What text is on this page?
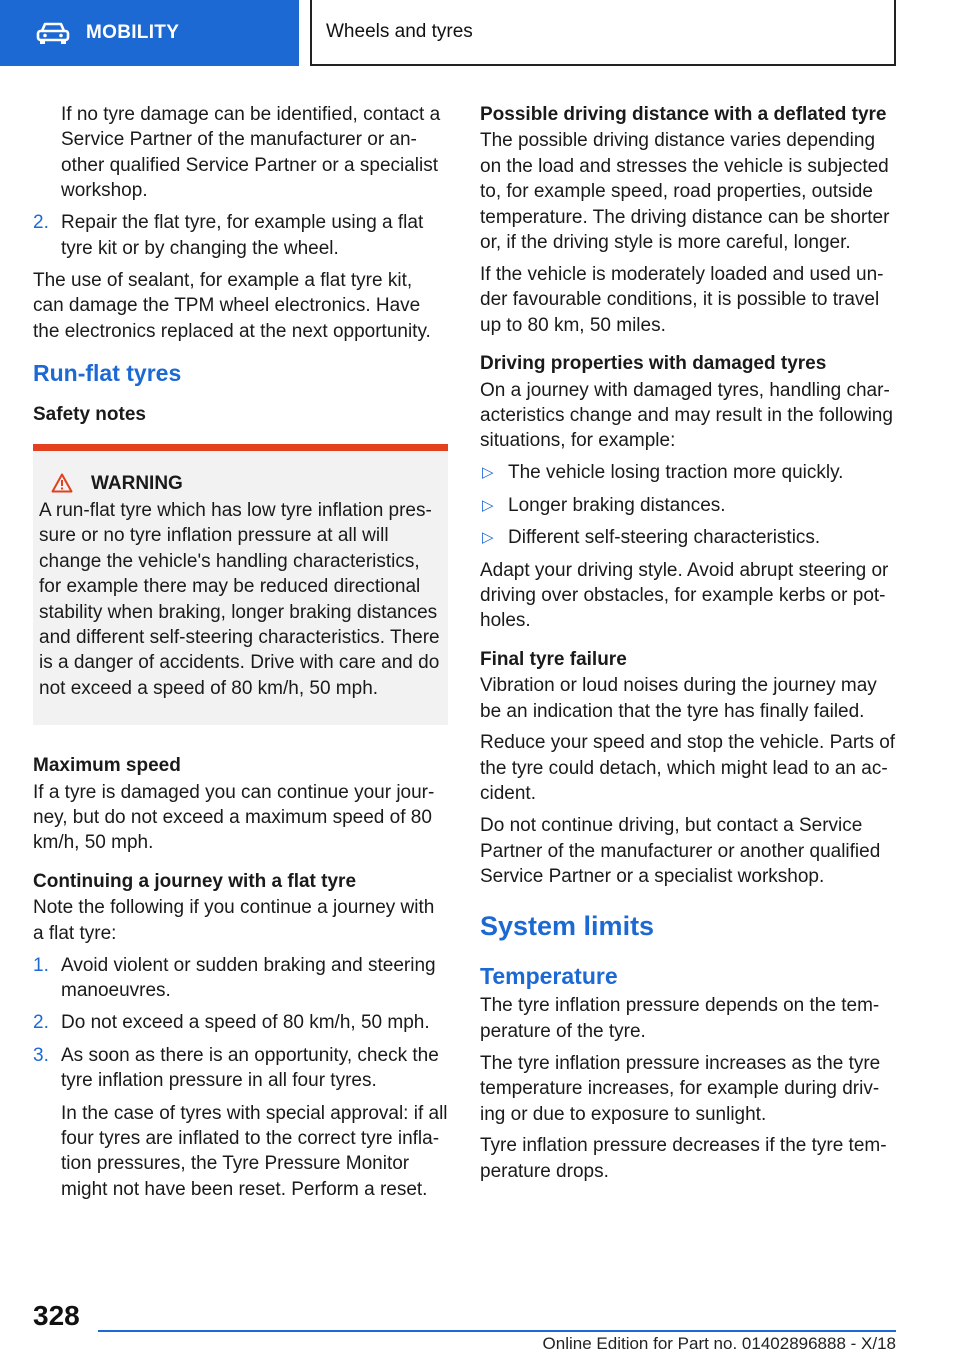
MOBILITY	Wheels and tyres

If no tyre damage can be identified, contact a Service Partner of the manufacturer or an-other qualified Service Partner or a specialist workshop.

2. Repair the flat tyre, for example using a flat tyre kit or by changing the wheel.

The use of sealant, for example a flat tyre kit, can damage the TPM wheel electronics. Have the electronics replaced at the next opportunity.

Run-flat tyres
Safety notes
WARNING

A run-flat tyre which has low tyre inflation pres-sure or no tyre inflation pressure at all will change the vehicle's handling characteristics, for example there may be reduced directional stability when braking, longer braking distances and different self-steering characteristics. There is a danger of accidents. Drive with care and do not exceed a speed of 80 km/h, 50 mph.

Maximum speed

If a tyre is damaged you can continue your jour-ney, but do not exceed a maximum speed of 80 km/h, 50 mph.

Continuing a journey with a flat tyre

Note the following if you continue a journey with a flat tyre:

1. Avoid violent or sudden braking and steering manoeuvres.
2. Do not exceed a speed of 80 km/h, 50 mph.
3. As soon as there is an opportunity, check the tyre inflation pressure in all four tyres.

In the case of tyres with special approval: if all four tyres are inflated to the correct tyre infla-tion pressures, the Tyre Pressure Monitor might not have been reset. Perform a reset.

Possible driving distance with a deflated tyre

The possible driving distance varies depending on the load and stresses the vehicle is subjected to, for example speed, road properties, outside temperature. The driving distance can be shorter or, if the driving style is more careful, longer.

If the vehicle is moderately loaded and used un-der favourable conditions, it is possible to travel up to 80 km, 50 miles.

Driving properties with damaged tyres

On a journey with damaged tyres, handling char-acteristics change and may result in the following situations, for example:

▷ The vehicle losing traction more quickly.
▷ Longer braking distances.
▷ Different self-steering characteristics.

Adapt your driving style. Avoid abrupt steering or driving over obstacles, for example kerbs or pot-holes.

Final tyre failure

Vibration or loud noises during the journey may be an indication that the tyre has finally failed.

Reduce your speed and stop the vehicle. Parts of the tyre could detach, which might lead to an ac-cident.

Do not continue driving, but contact a Service Partner of the manufacturer or another qualified Service Partner or a specialist workshop.

System limits
Temperature

The tyre inflation pressure depends on the tem-perature of the tyre.

The tyre inflation pressure increases as the tyre temperature increases, for example during driv-ing or due to exposure to sunlight.

Tyre inflation pressure decreases if the tyre tem-perature drops.

328
Online Edition for Part no. 01402896888 - X/18
